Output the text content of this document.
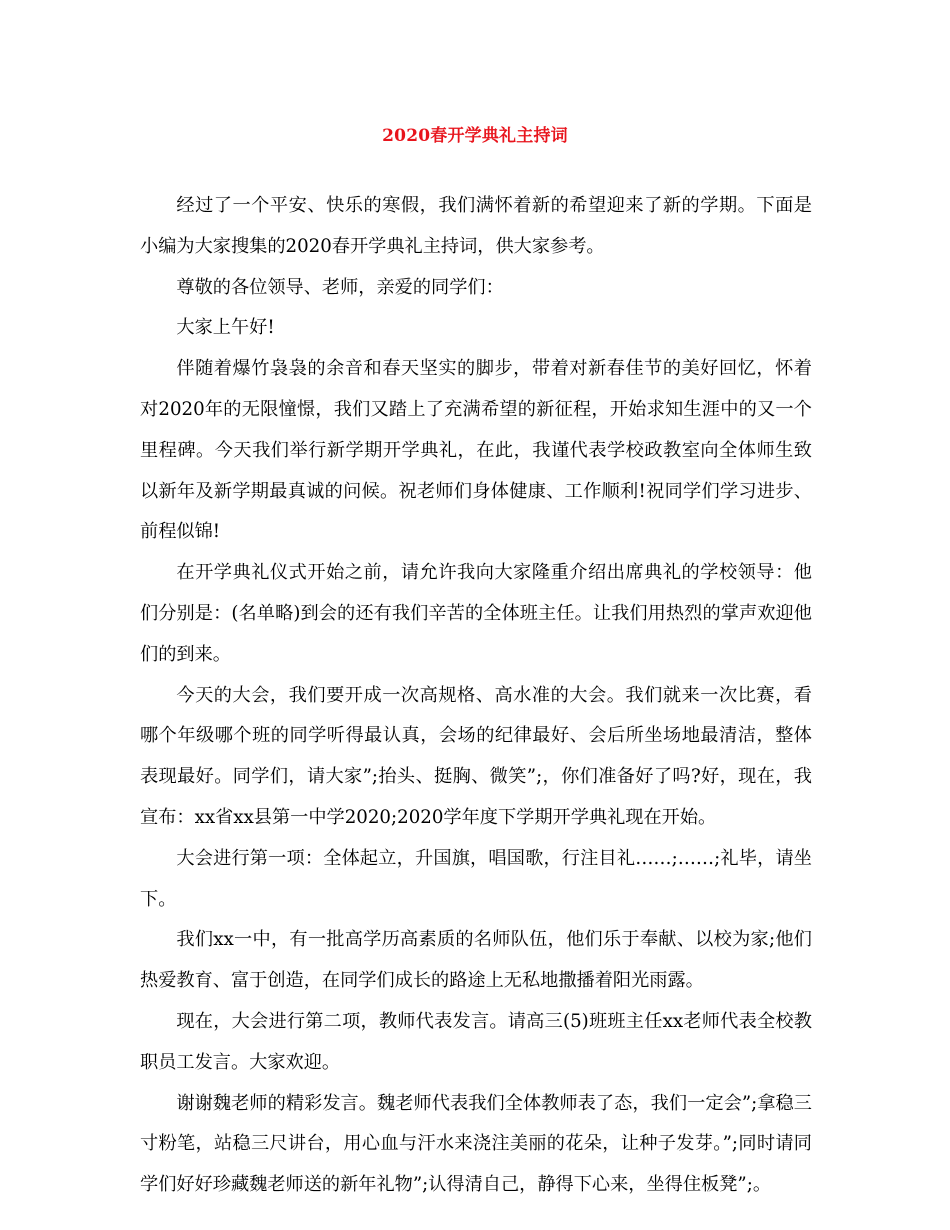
2020春开学典礼主持词

经过了一个平安、快乐的寒假，我们满怀着新的希望迎来了新的学期。下面是小编为大家搜集的2020春开学典礼主持词，供大家参考。

尊敬的各位领导、老师，亲爱的同学们：

大家上午好!

伴随着爆竹袅袅的余音和春天坚实的脚步，带着对新春佳节的美好回忆，怀着对2020年的无限憧憬，我们又踏上了充满希望的新征程，开始求知生涯中的又一个里程碑。今天我们举行新学期开学典礼，在此，我谨代表学校政教室向全体师生致以新年及新学期最真诚的问候。祝老师们身体健康、工作顺利!祝同学们学习进步、前程似锦!

在开学典礼仪式开始之前，请允许我向大家隆重介绍出席典礼的学校领导：他们分别是：(名单略)到会的还有我们辛苦的全体班主任。让我们用热烈的掌声欢迎他们的到来。

今天的大会，我们要开成一次高规格、高水准的大会。我们就来一次比赛，看哪个年级哪个班的同学听得最认真，会场的纪律最好、会后所坐场地最清洁，整体表现最好。同学们，请大家”;抬头、挺胸、微笑”;，你们准备好了吗?好，现在，我宣布：xx省xx县第一中学2020;2020学年度下学期开学典礼现在开始。

大会进行第一项：全体起立，升国旗，唱国歌，行注目礼……;……;礼毕，请坐下。

我们xx一中，有一批高学历高素质的名师队伍，他们乐于奉献、以校为家;他们热爱教育、富于创造，在同学们成长的路途上无私地撒播着阳光雨露。

现在，大会进行第二项，教师代表发言。请高三(5)班班主任xx老师代表全校教职员工发言。大家欢迎。

谢谢魏老师的精彩发言。魏老师代表我们全体教师表了态，我们一定会”;拿稳三寸粉笔，站稳三尺讲台，用心血与汗水来浇注美丽的花朵，让种子发芽。”;同时请同学们好好珍藏魏老师送的新年礼物”;认得清自己，静得下心来，坐得住板凳”;。
